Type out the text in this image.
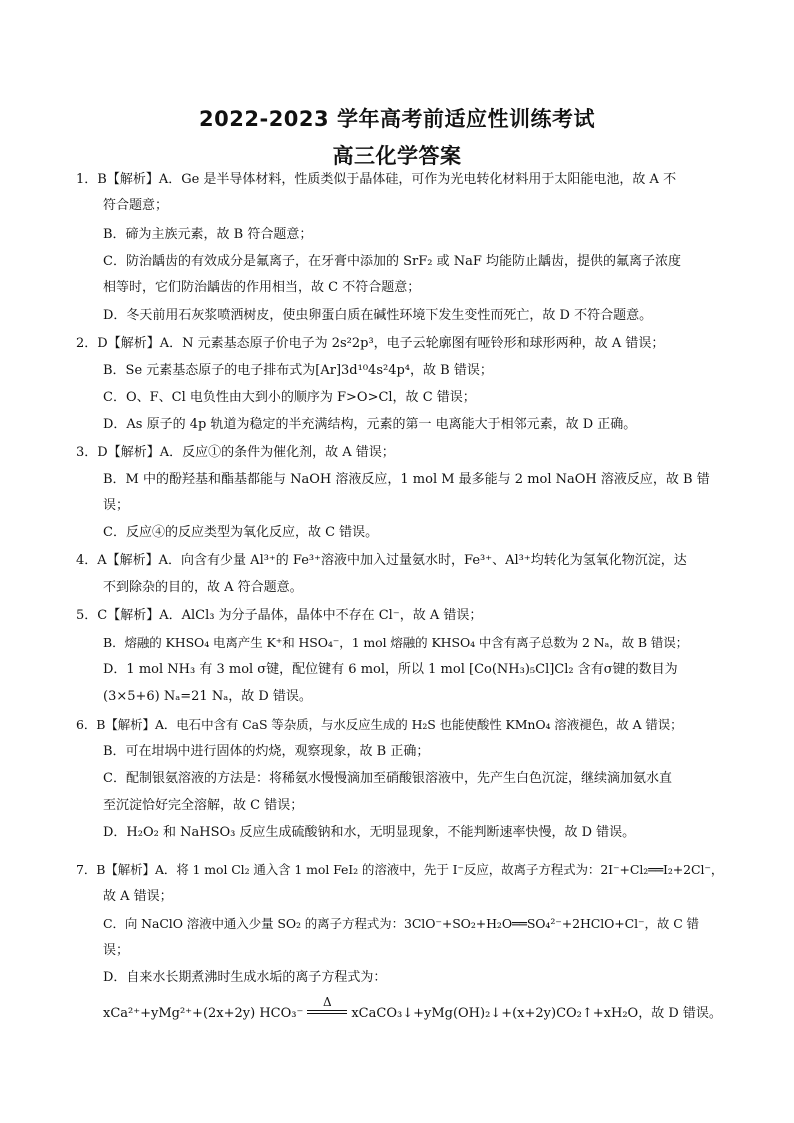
2022-2023 学年高考前适应性训练考试
高三化学答案

1．B【解析】A．Ge 是半导体材料，性质类似于晶体硅，可作为光电转化材料用于太阳能电池，故 A 不

符合题意；

B．碲为主族元素，故 B 符合题意；

C．防治龋齿的有效成分是氟离子，在牙膏中添加的 SrF₂ 或 NaF 均能防止龋齿，提供的氟离子浓度

相等时，它们防治龋齿的作用相当，故 C 不符合题意；

D．冬天前用石灰浆喷洒树皮，使虫卵蛋白质在碱性环境下发生变性而死亡，故 D 不符合题意。

2．D【解析】A．N 元素基态原子价电子为 2s²2p³，电子云轮廓图有哑铃形和球形两种，故 A 错误；

B．Se 元素基态原子的电子排布式为[Ar]3d¹⁰4s²4p⁴，故 B 错误；

C．O、F、Cl 电负性由大到小的顺序为 F>O>Cl，故 C 错误；

D．As 原子的 4p 轨道为稳定的半充满结构，元素的第一 电离能大于相邻元素，故 D 正确。

3．D【解析】A．反应①的条件为催化剂，故 A 错误；

B．M 中的酚羟基和酯基都能与 NaOH 溶液反应，1 mol M 最多能与 2 mol NaOH 溶液反应，故 B 错

误；

C．反应④的反应类型为氧化反应，故 C 错误。

4．A【解析】A．向含有少量 Al³⁺的 Fe³⁺溶液中加入过量氨水时，Fe³⁺、Al³⁺均转化为氢氧化物沉淀，达

不到除杂的目的，故 A 符合题意。

5．C【解析】A．AlCl₃ 为分子晶体，晶体中不存在 Cl⁻，故 A 错误；

B．熔融的 KHSO₄ 电离产生 K⁺和 HSO₄⁻，1 mol 熔融的 KHSO₄ 中含有离子总数为 2 Nₐ，故 B 错误；

D．1 mol NH₃ 有 3 mol σ键，配位键有 6 mol，所以 1 mol [Co(NH₃)₅Cl]Cl₂ 含有σ键的数目为

(3×5+6) Nₐ=21 Nₐ，故 D 错误。

6．B【解析】A．电石中含有 CaS 等杂质，与水反应生成的 H₂S 也能使酸性 KMnO₄ 溶液褪色，故 A 错误；

B．可在坩埚中进行固体的灼烧，观察现象，故 B 正确；

C．配制银氨溶液的方法是：将稀氨水慢慢滴加至硝酸银溶液中，先产生白色沉淀，继续滴加氨水直

至沉淀恰好完全溶解，故 C 错误；

D．H₂O₂ 和 NaHSO₃ 反应生成硫酸钠和水，无明显现象，不能判断速率快慢，故 D 错误。

7．B【解析】A．将 1 mol Cl₂ 通入含 1 mol FeI₂ 的溶液中，先于 I⁻反应，故离子方程式为：2I⁻+Cl₂══I₂+2Cl⁻，

故 A 错误；

C．向 NaClO 溶液中通入少量 SO₂ 的离子方程式为：3ClO⁻+SO₂+H₂O══SO₄²⁻+2HClO+Cl⁻，故 C 错

误；

D．自来水长期煮沸时生成水垢的离子方程式为：

xCa²⁺+yMg²⁺+(2x+2y) HCO₃⁻
Δ
xCaCO₃↓+yMg(OH)₂↓+(x+2y)CO₂↑+xH₂O，故 D 错误。
